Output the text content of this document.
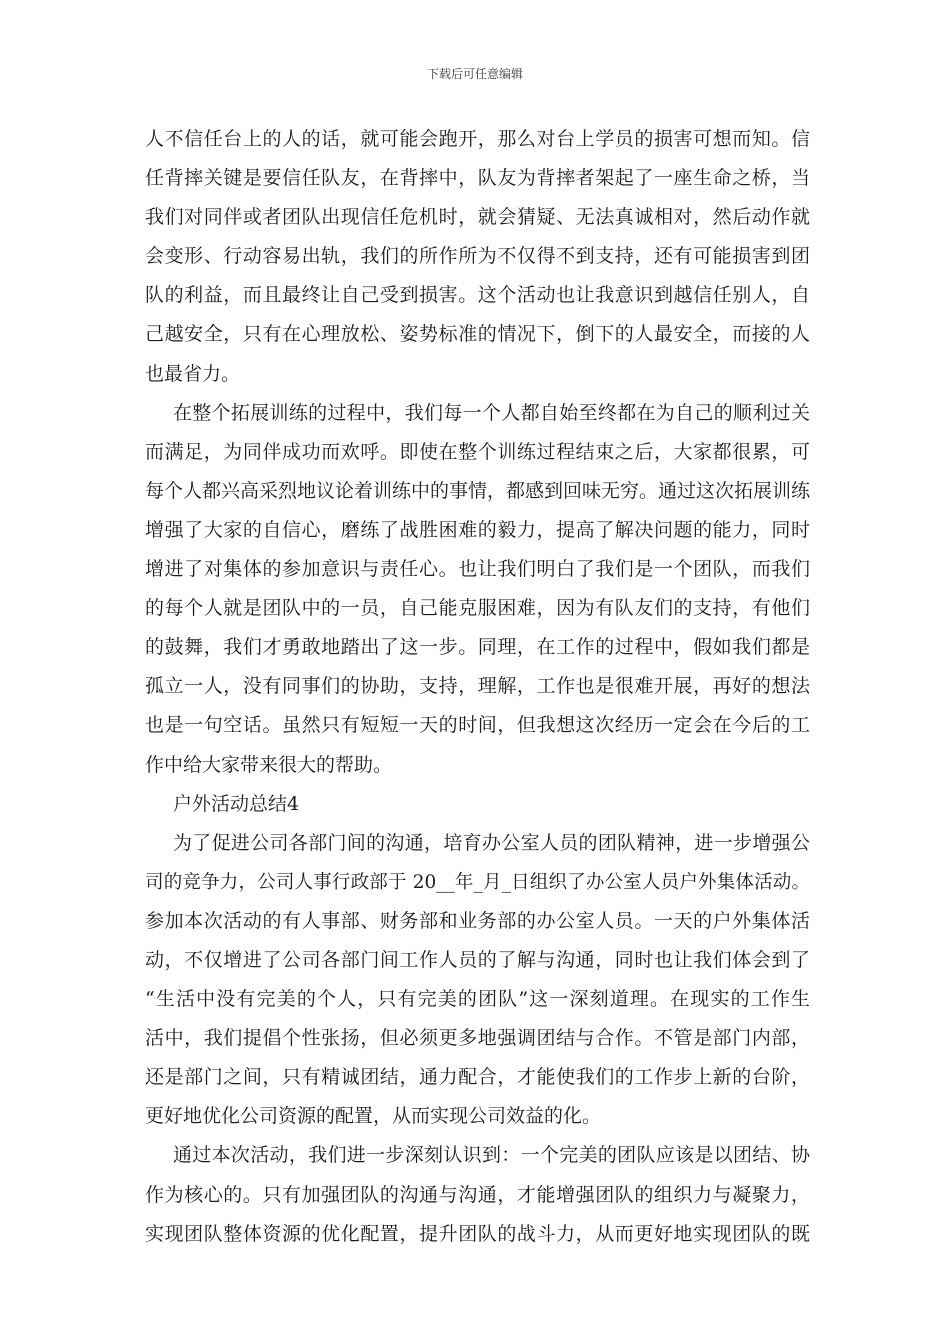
下载后可任意编辑
人不信任台上的人的话，就可能会跑开，那么对台上学员的损害可想而知。信
任背摔关键是要信任队友，在背摔中，队友为背摔者架起了一座生命之桥，当
我们对同伴或者团队出现信任危机时，就会猜疑、无法真诚相对，然后动作就
会变形、行动容易出轨，我们的所作所为不仅得不到支持，还有可能损害到团
队的利益，而且最终让自己受到损害。这个活动也让我意识到越信任别人，自
己越安全，只有在心理放松、姿势标准的情况下，倒下的人最安全，而接的人
也最省力。
在整个拓展训练的过程中，我们每一个人都自始至终都在为自己的顺利过关
而满足，为同伴成功而欢呼。即使在整个训练过程结束之后，大家都很累，可
每个人都兴高采烈地议论着训练中的事情，都感到回味无穷。通过这次拓展训练
增强了大家的自信心，磨练了战胜困难的毅力，提高了解决问题的能力，同时
增进了对集体的参加意识与责任心。也让我们明白了我们是一个团队，而我们
的每个人就是团队中的一员，自己能克服困难，因为有队友们的支持，有他们
的鼓舞，我们才勇敢地踏出了这一步。同理，在工作的过程中，假如我们都是
孤立一人，没有同事们的协助，支持，理解，工作也是很难开展，再好的想法
也是一句空话。虽然只有短短一天的时间，但我想这次经历一定会在今后的工
作中给大家带来很大的帮助。
户外活动总结4
为了促进公司各部门间的沟通，培育办公室人员的团队精神，进一步增强公
司的竞争力，公司人事行政部于 20__年_月_日组织了办公室人员户外集体活动。
参加本次活动的有人事部、财务部和业务部的办公室人员。一天的户外集体活
动，不仅增进了公司各部门间工作人员的了解与沟通，同时也让我们体会到了
“生活中没有完美的个人，只有完美的团队”这一深刻道理。在现实的工作生
活中，我们提倡个性张扬，但必须更多地强调团结与合作。不管是部门内部，
还是部门之间，只有精诚团结，通力配合，才能使我们的工作步上新的台阶，
更好地优化公司资源的配置，从而实现公司效益的化。
通过本次活动，我们进一步深刻认识到：一个完美的团队应该是以团结、协
作为核心的。只有加强团队的沟通与沟通，才能增强团队的组织力与凝聚力，
实现团队整体资源的优化配置，提升团队的战斗力，从而更好地实现团队的既
